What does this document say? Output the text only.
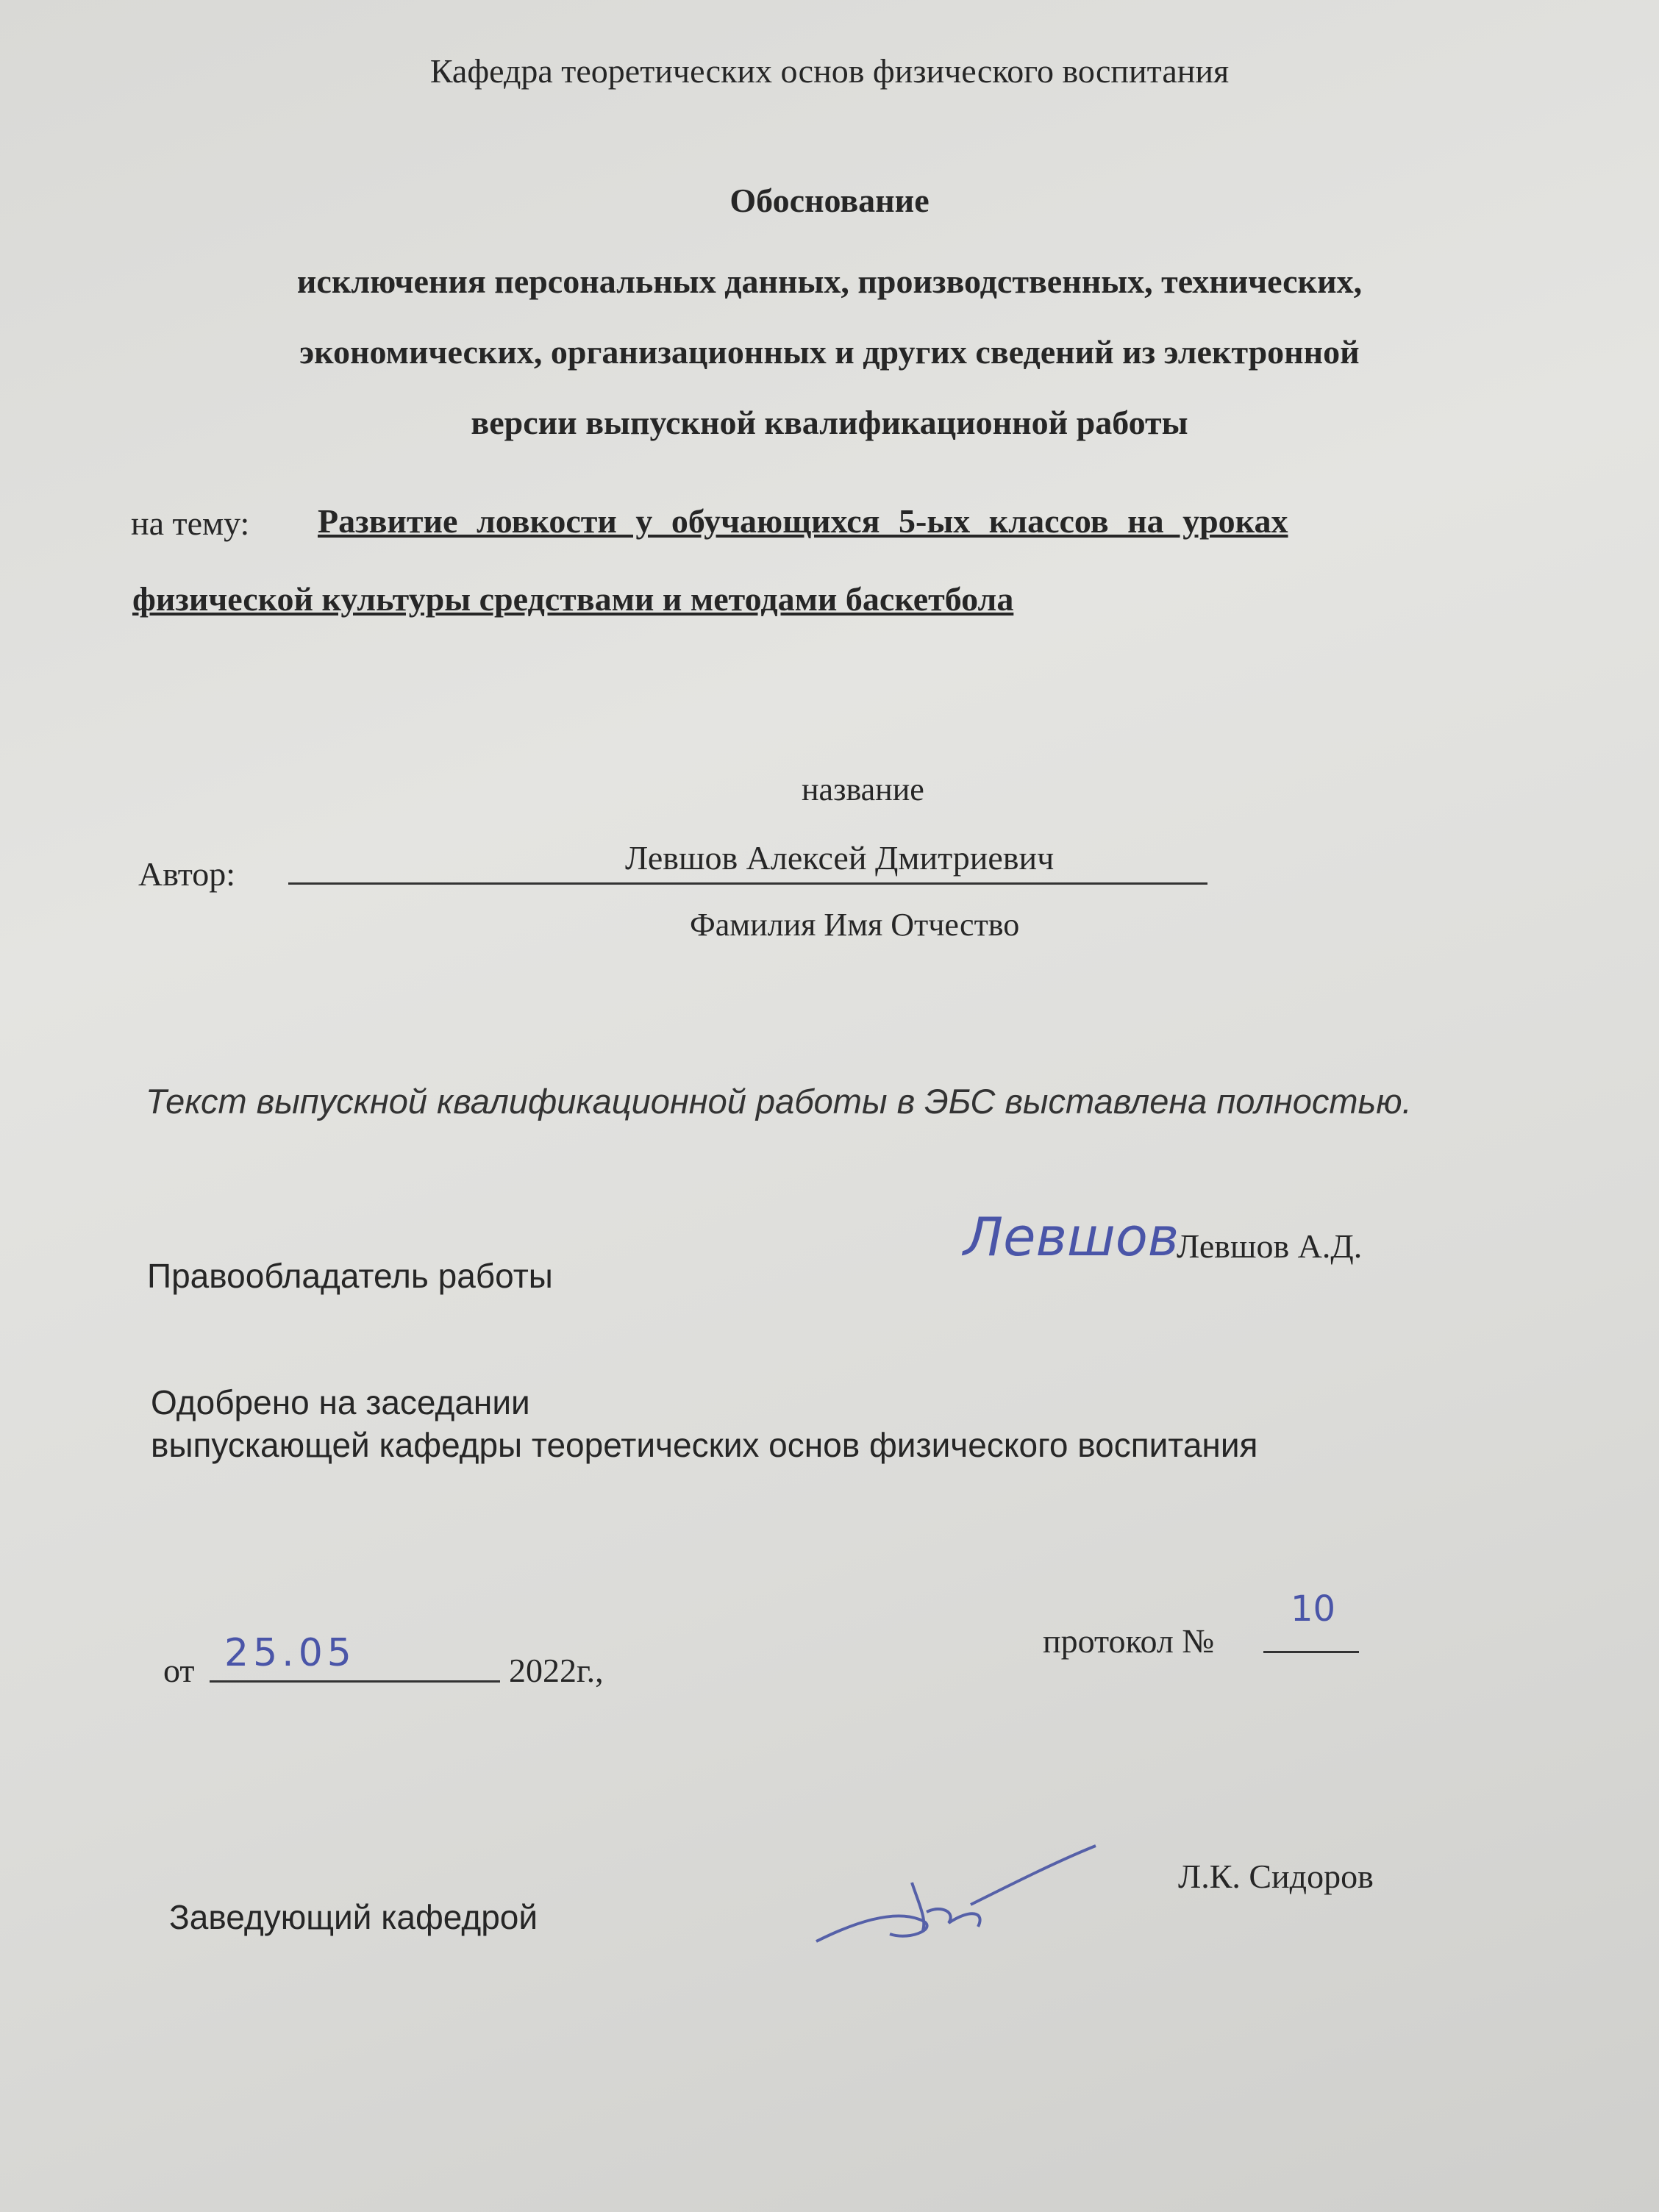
Кафедра теоретических основ физического воспитания
Обоснование
исключения персональных данных, производственных, технических,
экономических, организационных и других сведений из электронной
версии выпускной квалификационной работы
на тему: Развитие ловкости у обучающихся 5-ых классов на уроках
физической культуры средствами и методами баскетбола
название
Автор:	Левшов Алексей Дмитриевич
Фамилия Имя Отчество
Текст выпускной квалификационной работы в ЭБС выставлена полностью.
Правообладатель работы
Левшов
Левшов А.Д.
Одобрено на заседании
выпускающей кафедры теоретических основ физического воспитания
от 25.05	2022г.,
протокол №
10
Заведующий кафедрой
Л.К. Сидоров
